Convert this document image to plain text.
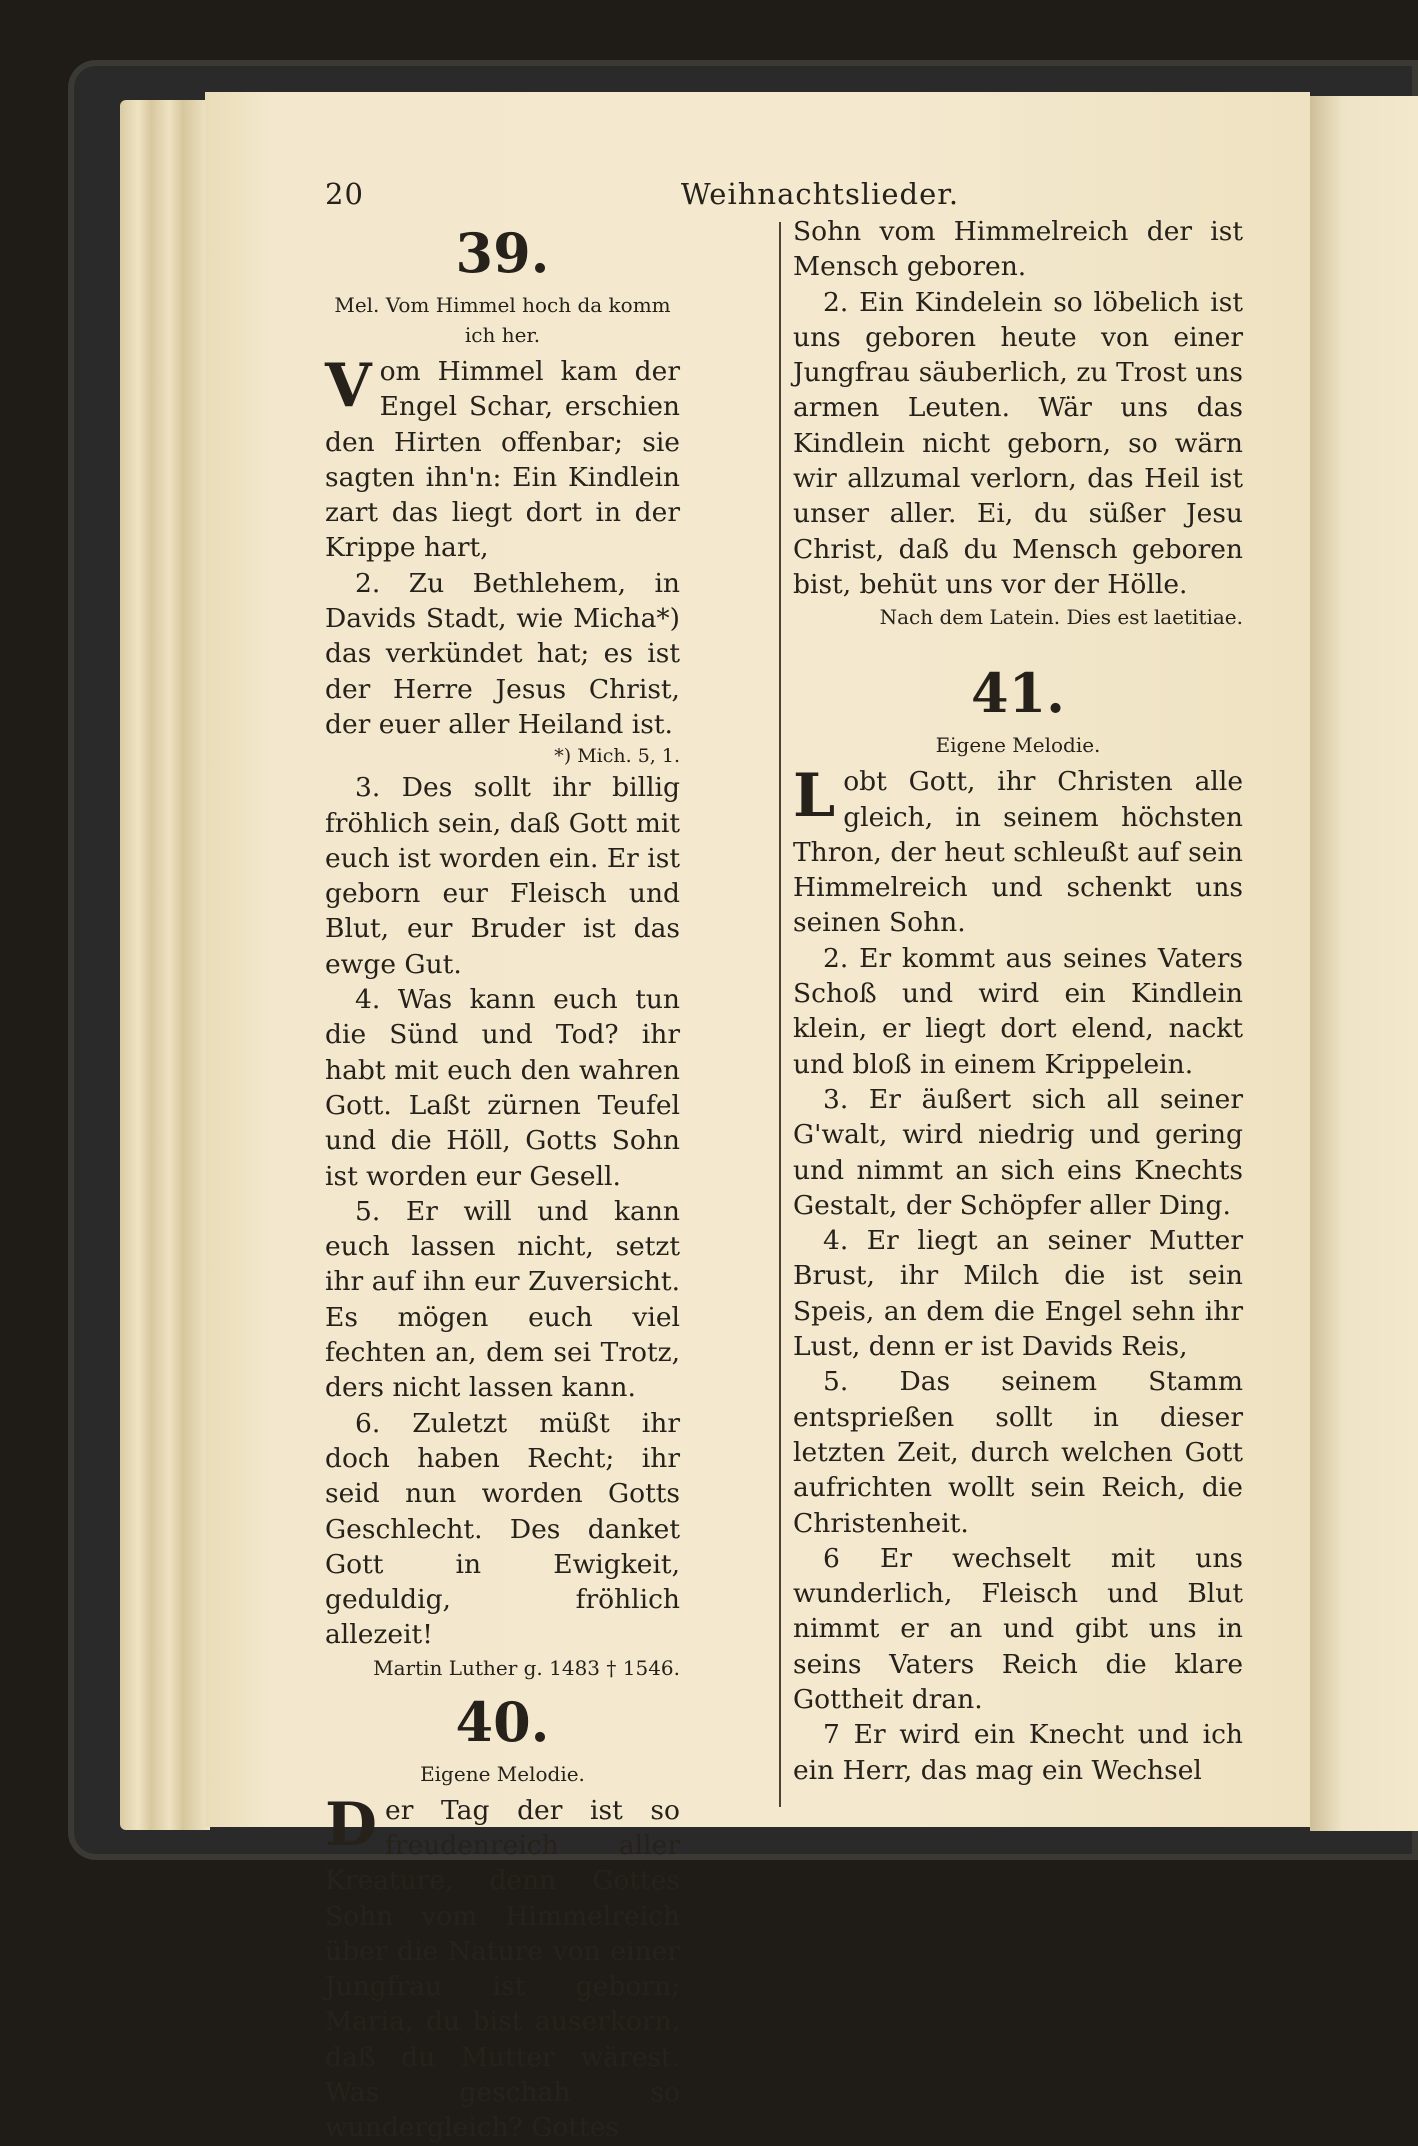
20	Weihnachtslieder.
39.
Mel. Vom Himmel hoch da komm ich her.

Vom Himmel kam der Engel Schar, erschien den Hirten offenbar; sie sagten ihn'n: Ein Kindlein zart das liegt dort in der Krippe hart,

2. Zu Bethlehem, in Davids Stadt, wie Micha*) das verkündet hat; es ist der Herre Jesus Christ, der euer aller Heiland ist.

*) Mich. 5, 1.

3. Des sollt ihr billig fröhlich sein, daß Gott mit euch ist worden ein. Er ist geborn eur Fleisch und Blut, eur Bruder ist das ewge Gut.

4. Was kann euch tun die Sünd und Tod? ihr habt mit euch den wahren Gott. Laßt zürnen Teufel und die Höll, Gotts Sohn ist worden eur Gesell.

5. Er will und kann euch lassen nicht, setzt ihr auf ihn eur Zuversicht. Es mögen euch viel fechten an, dem sei Trotz, ders nicht lassen kann.

6. Zuletzt müßt ihr doch haben Recht; ihr seid nun worden Gotts Geschlecht. Des danket Gott in Ewigkeit, geduldig, fröhlich allezeit!

Martin Luther g. 1483 † 1546.
40.
Eigene Melodie.

Der Tag der ist so freudenreich aller Kreature, denn Gottes Sohn vom Himmelreich über die Nature von einer Jungfrau ist geborn; Maria, du bist auserkorn, daß du Mutter wärest. Was geschah so wundergleich? Gottes

Sohn vom Himmelreich der ist Mensch geboren.

2. Ein Kindelein so löbelich ist uns geboren heute von einer Jungfrau säuberlich, zu Trost uns armen Leuten. Wär uns das Kindlein nicht geborn, so wärn wir allzumal verlorn, das Heil ist unser aller. Ei, du süßer Jesu Christ, daß du Mensch geboren bist, behüt uns vor der Hölle.

Nach dem Latein. Dies est laetitiae.
41.
Eigene Melodie.

Lobt Gott, ihr Christen alle gleich, in seinem höchsten Thron, der heut schleußt auf sein Himmelreich und schenkt uns seinen Sohn.

2. Er kommt aus seines Vaters Schoß und wird ein Kindlein klein, er liegt dort elend, nackt und bloß in einem Krippelein.

3. Er äußert sich all seiner G'walt, wird niedrig und gering und nimmt an sich eins Knechts Gestalt, der Schöpfer aller Ding.

4. Er liegt an seiner Mutter Brust, ihr Milch die ist sein Speis, an dem die Engel sehn ihr Lust, denn er ist Davids Reis,

5. Das seinem Stamm entsprießen sollt in dieser letzten Zeit, durch welchen Gott aufrichten wollt sein Reich, die Christenheit.

6 Er wechselt mit uns wunderlich, Fleisch und Blut nimmt er an und gibt uns in seins Vaters Reich die klare Gottheit dran.

7 Er wird ein Knecht und ich ein Herr, das mag ein Wechsel
